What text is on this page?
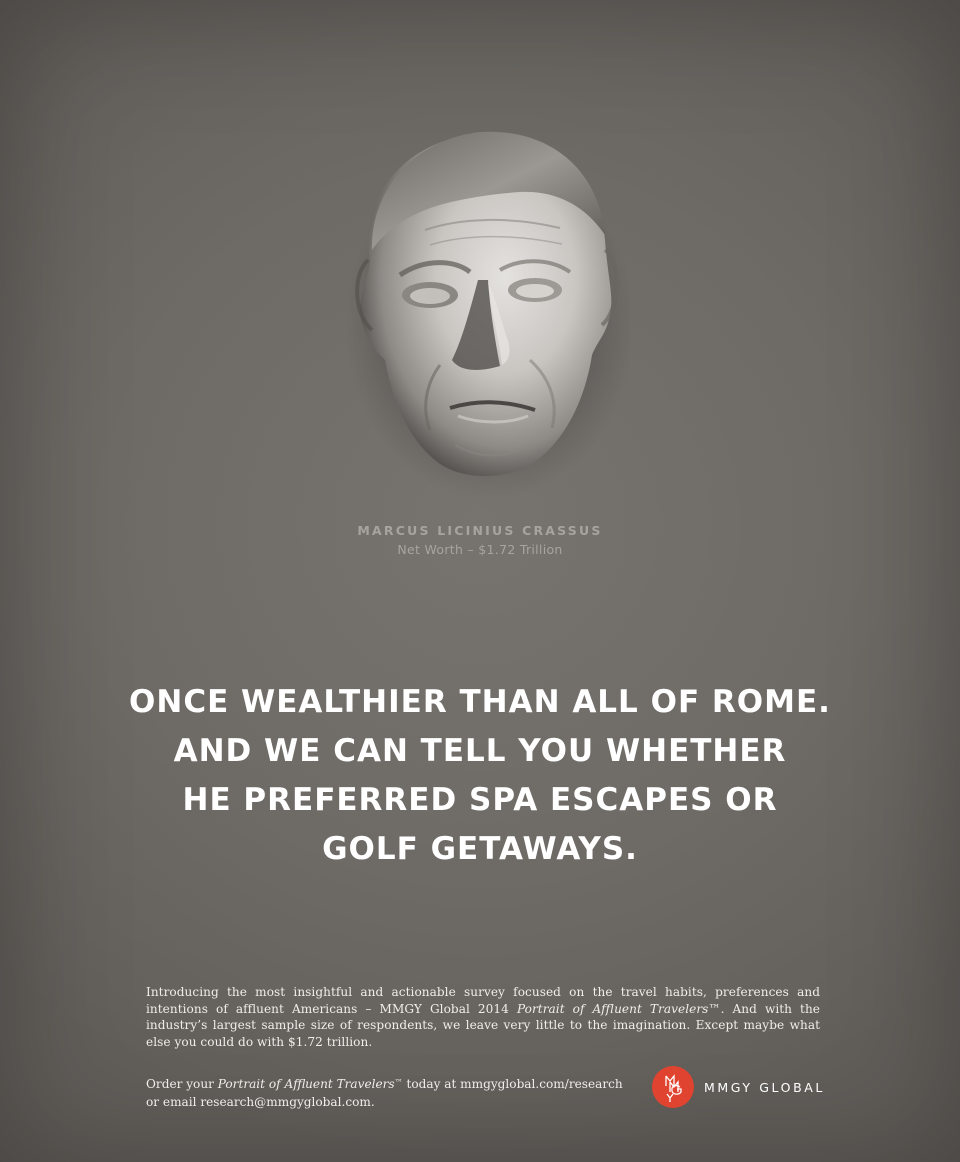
MARCUS LICINIUS CRASSUS
Net Worth – $1.72 Trillion
ONCE WEALTHIER THAN ALL OF ROME.
AND WE CAN TELL YOU WHETHER
HE PREFERRED SPA ESCAPES OR
GOLF GETAWAYS.
Introducing the most insightful and actionable survey focused on the travel habits, preferences and intentions of affluent Americans – MMGY Global 2014 Portrait of Affluent Travelers™. And with the industry’s largest sample size of respondents, we leave very little to the imagination. Except maybe what else you could do with $1.72 trillion.
Order your Portrait of Affluent Travelers™ today at mmgyglobal.com/research
or email research@mmgyglobal.com.
MMGY GLOBAL
